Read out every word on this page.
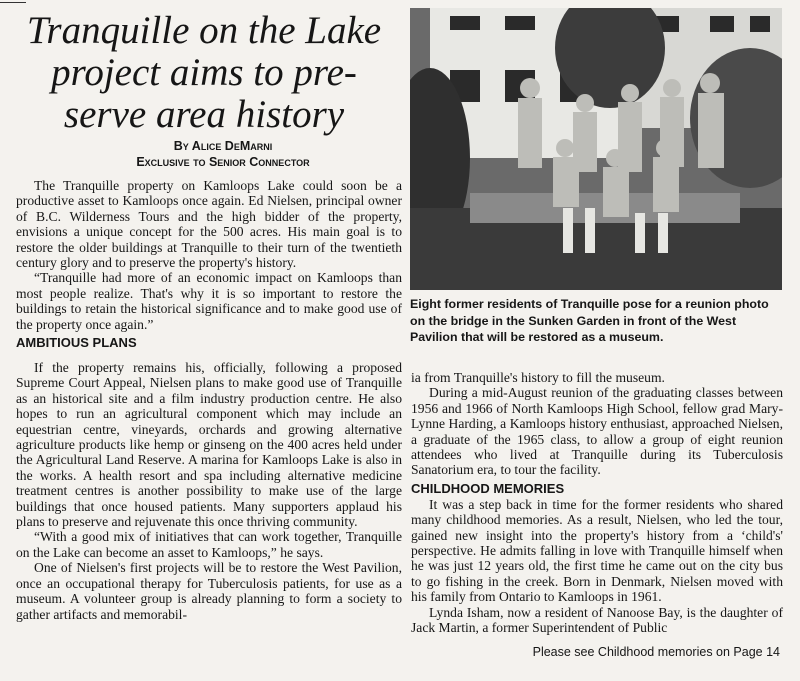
Tranquille on the Lake
project aims to pre-
serve area history
By Alice DeMarni
Exclusive to Senior Connector

The Tranquille property on Kamloops Lake could soon be a productive asset to Kamloops once again. Ed Nielsen, principal owner of B.C. Wilderness Tours and the high bidder of the property, envisions a unique concept for the 500 acres. His main goal is to restore the older buildings at Tranquille to their turn of the twentieth century glory and to preserve the property's history.

“Tranquille had more of an economic impact on Kamloops than most people realize. That's why it is so important to restore the buildings to retain the historical significance and to make good use of the property once again.”

AMBITIOUS PLANS
Eight former residents of Tranquille pose for a reunion photo on the bridge in the Sunken Garden in front of the West Pavilion that will be restored as a museum.

If the property remains his, officially, following a proposed Supreme Court Appeal, Nielsen plans to make good use of Tranquille as an historical site and a film industry production centre. He also hopes to run an agricultural component which may include an equestrian centre, vineyards, orchards and growing alternative agriculture products like hemp or ginseng on the 400 acres held under the Agricultural Land Reserve. A marina for Kamloops Lake is also in the works. A health resort and spa including alternative medicine treatment centres is another possibility to make use of the large buildings that once housed patients. Many supporters applaud his plans to preserve and rejuvenate this once thriving community.

“With a good mix of initiatives that can work together, Tranquille on the Lake can become an asset to Kamloops,” he says.

One of Nielsen's first projects will be to restore the West Pavilion, once an occupational therapy for Tuberculosis patients, for use as a museum. A volunteer group is already planning to form a society to gather artifacts and memorabil-

ia from Tranquille's history to fill the museum.

During a mid-August reunion of the graduating classes between 1956 and 1966 of North Kamloops High School, fellow grad Mary-Lynne Harding, a Kamloops history enthusiast, approached Nielsen, a graduate of the 1965 class, to allow a group of eight reunion attendees who lived at Tranquille during its Tuberculosis Sanatorium era, to tour the facility.

CHILDHOOD MEMORIES

It was a step back in time for the former residents who shared many childhood memories. As a result, Nielsen, who led the tour, gained new insight into the property's history from a ‘child's' perspective. He admits falling in love with Tranquille himself when he was just 12 years old, the first time he came out on the city bus to go fishing in the creek. Born in Denmark, Nielsen moved with his family from Ontario to Kamloops in 1961.

Lynda Isham, now a resident of Nanoose Bay, is the daughter of Jack Martin, a former Superintendent of Public

Please see Childhood memories on Page 14
